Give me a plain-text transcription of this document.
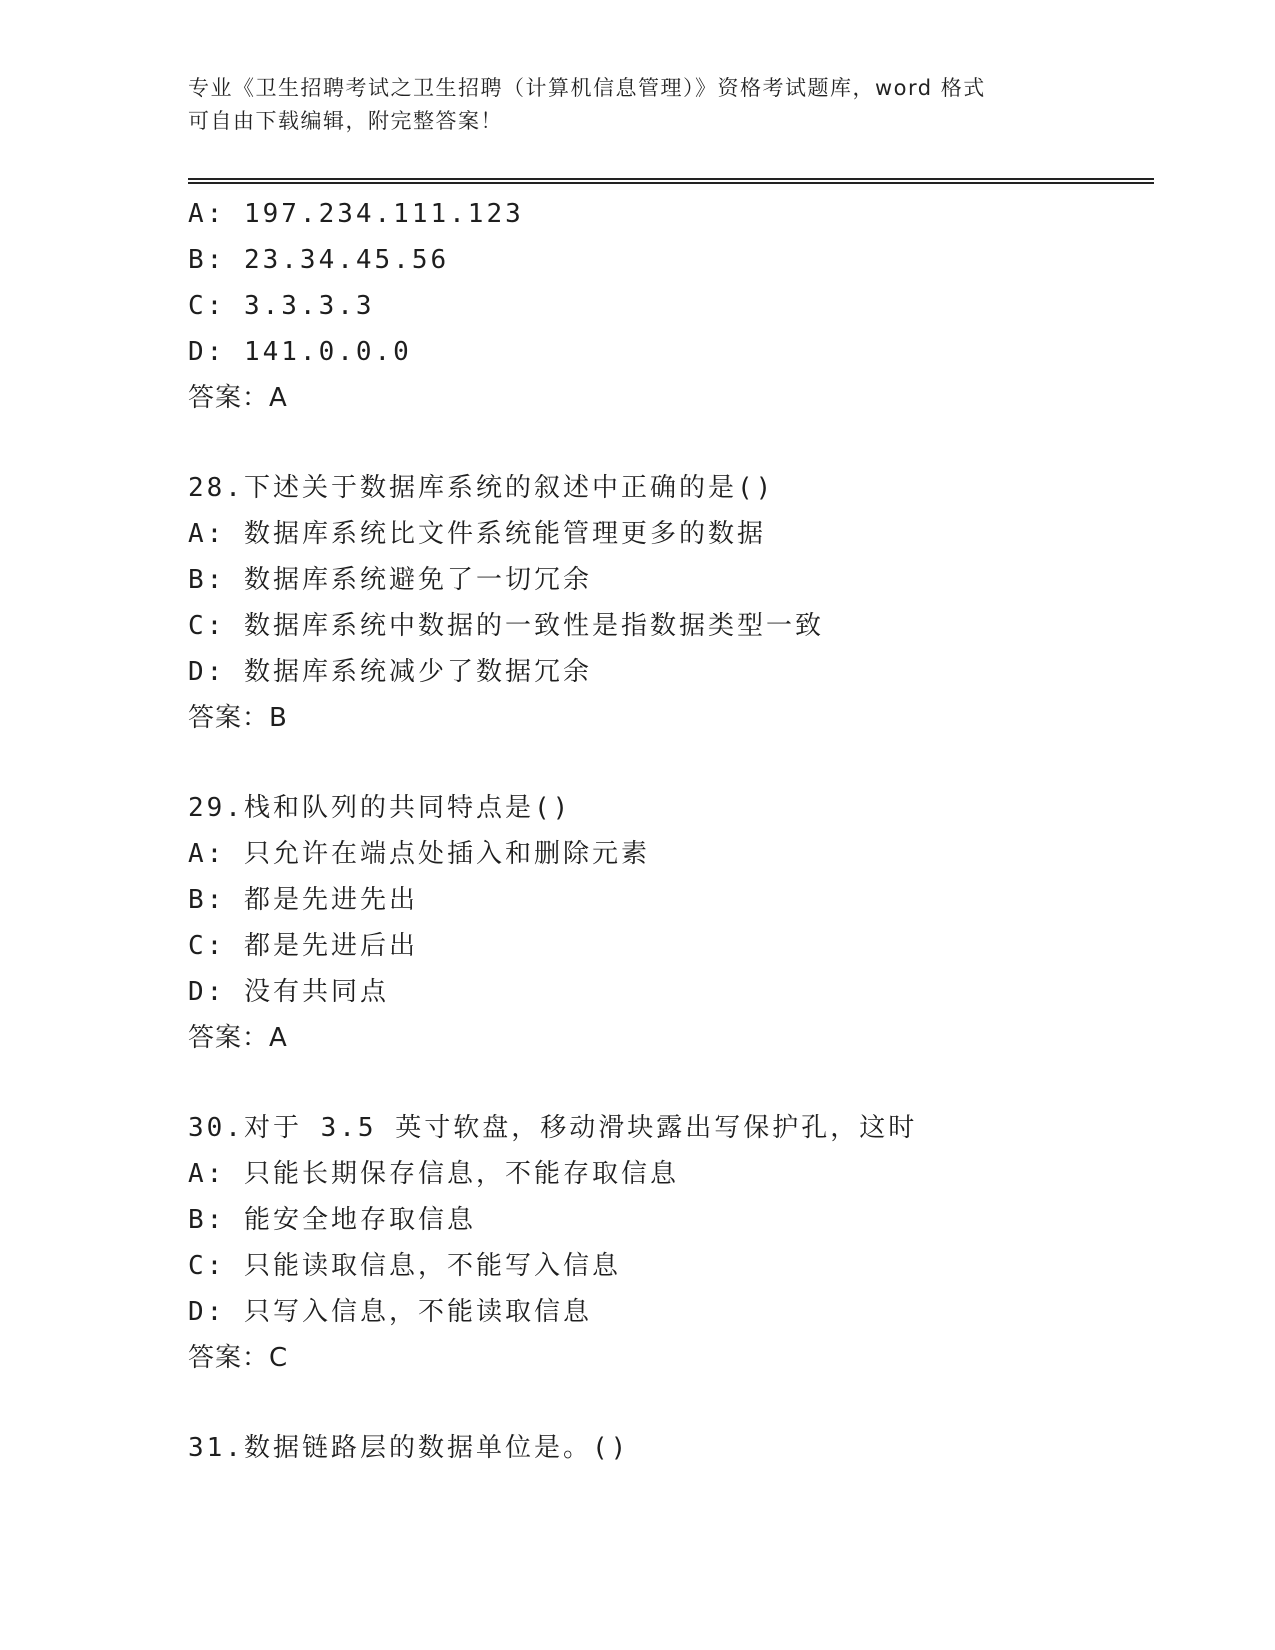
专业《卫生招聘考试之卫生招聘（计算机信息管理）》资格考试题库，word 格式
可自由下载编辑，附完整答案！
A: 197.234.111.123
B: 23.34.45.56
C: 3.3.3.3
D: 141.0.0.0
答案：A
28.下述关于数据库系统的叙述中正确的是()
A: 数据库系统比文件系统能管理更多的数据
B: 数据库系统避免了一切冗余
C: 数据库系统中数据的一致性是指数据类型一致
D: 数据库系统减少了数据冗余
答案：B
29.栈和队列的共同特点是()
A: 只允许在端点处插入和删除元素
B: 都是先进先出
C: 都是先进后出
D: 没有共同点
答案：A
30.对于 3.5 英寸软盘，移动滑块露出写保护孔，这时
A: 只能长期保存信息，不能存取信息
B: 能安全地存取信息
C: 只能读取信息，不能写入信息
D: 只写入信息，不能读取信息
答案：C
31.数据链路层的数据单位是。()
